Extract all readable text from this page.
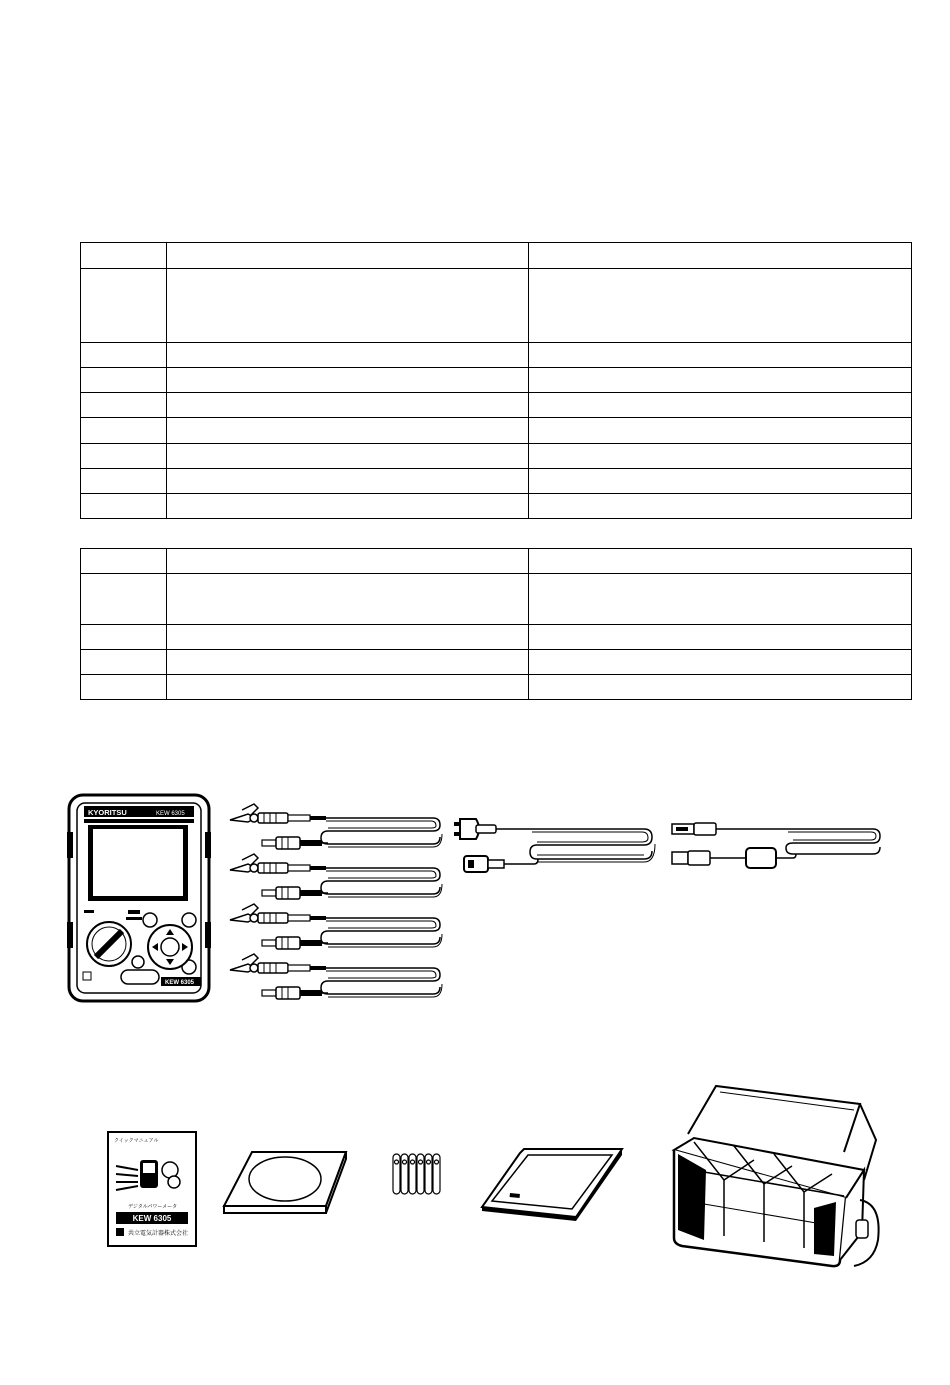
KYORITSU	KEW 6305
KEW 6305
クイックマニュアル
デジタルパワーメータ
KEW 6305
共立電気計器株式会社
